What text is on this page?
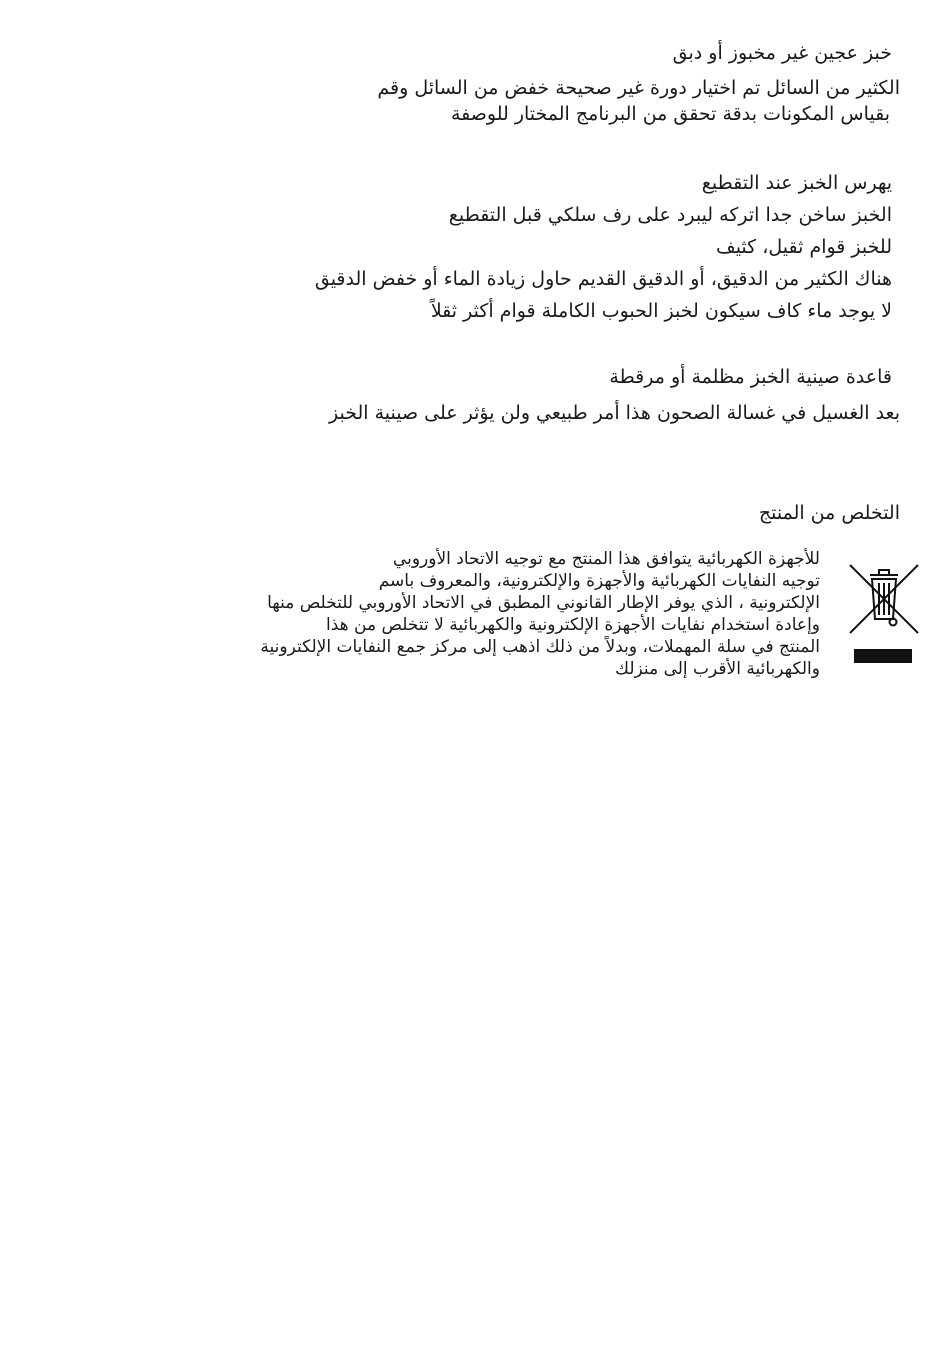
خبز عجين غير مخبوز أو دبق
الكثير من السائل تم اختيار دورة غير صحيحة خفض من السائل وقم
بقياس المكونات بدقة تحقق من البرنامج المختار للوصفة
يهرس الخبز عند التقطيع
الخبز ساخن جدا اتركه ليبرد على رف سلكي قبل التقطيع
للخبز قوام ثقيل، كثيف
هناك الكثير من الدقيق، أو الدقيق القديم حاول زيادة الماء أو خفض الدقيق
لا يوجد ماء كاف سيكون لخبز الحبوب الكاملة قوام أكثر ثقلاً
قاعدة صينية الخبز مظلمة أو مرقطة
بعد الغسيل في غسالة الصحون هذا أمر طبيعي ولن يؤثر على صينية الخبز
التخلص من المنتج
للأجهزة الكهربائية يتوافق هذا المنتج مع توجيه الاتحاد الأوروبي
توجيه النفايات الكهربائية والأجهزة والإلكترونية، والمعروف باسم
الإلكترونية ، الذي يوفر الإطار القانوني المطبق في الاتحاد الأوروبي للتخلص منها
وإعادة استخدام نفايات الأجهزة الإلكترونية والكهربائية لا تتخلص من هذا
المنتج في سلة المهملات، وبدلاً من ذلك اذهب إلى مركز جمع النفايات الإلكترونية
والكهربائية الأقرب إلى منزلك
